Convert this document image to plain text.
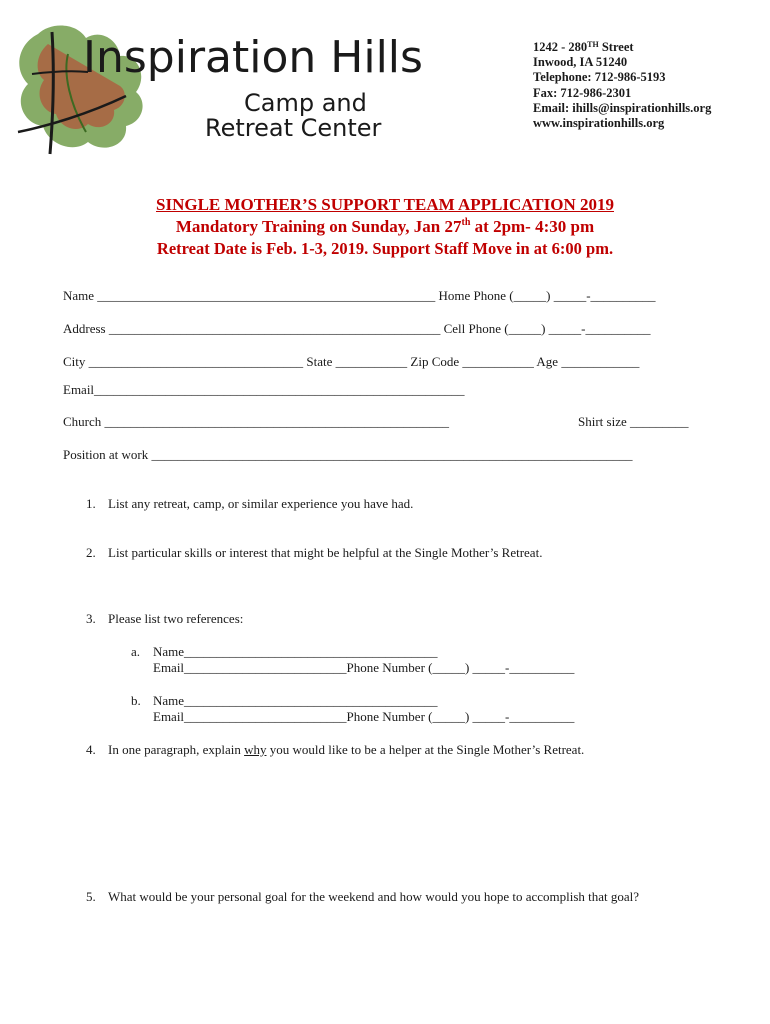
Inspiration Hills
Camp and
Retreat Center
1242 - 280TH Street
Inwood, IA 51240
Telephone: 712-986-5193
Fax: 712-986-2301
Email: ihills@inspirationhills.org
www.inspirationhills.org
SINGLE MOTHER’S SUPPORT TEAM APPLICATION 2019
Mandatory Training on Sunday, Jan 27th at 2pm- 4:30 pm
Retreat Date is Feb. 1-3, 2019. Support Staff Move in at 6:00 pm.
Name ____________________________________________________ Home Phone (_____) _____-__________
Address ___________________________________________________ Cell Phone (_____) _____-__________
City _________________________________ State ___________ Zip Code ___________ Age ____________
Email_________________________________________________________
Church _____________________________________________________	Shirt size _________
Position at work __________________________________________________________________________
1. List any retreat, camp, or similar experience you have had.
2. List particular skills or interest that might be helpful at the Single Mother’s Retreat.
3. Please list two references:
a. Name_______________________________________
Email_________________________Phone Number (_____) _____-__________
b. Name_______________________________________
Email_________________________Phone Number (_____) _____-__________
4. In one paragraph, explain why you would like to be a helper at the Single Mother’s Retreat.
5. What would be your personal goal for the weekend and how would you hope to accomplish that goal?
